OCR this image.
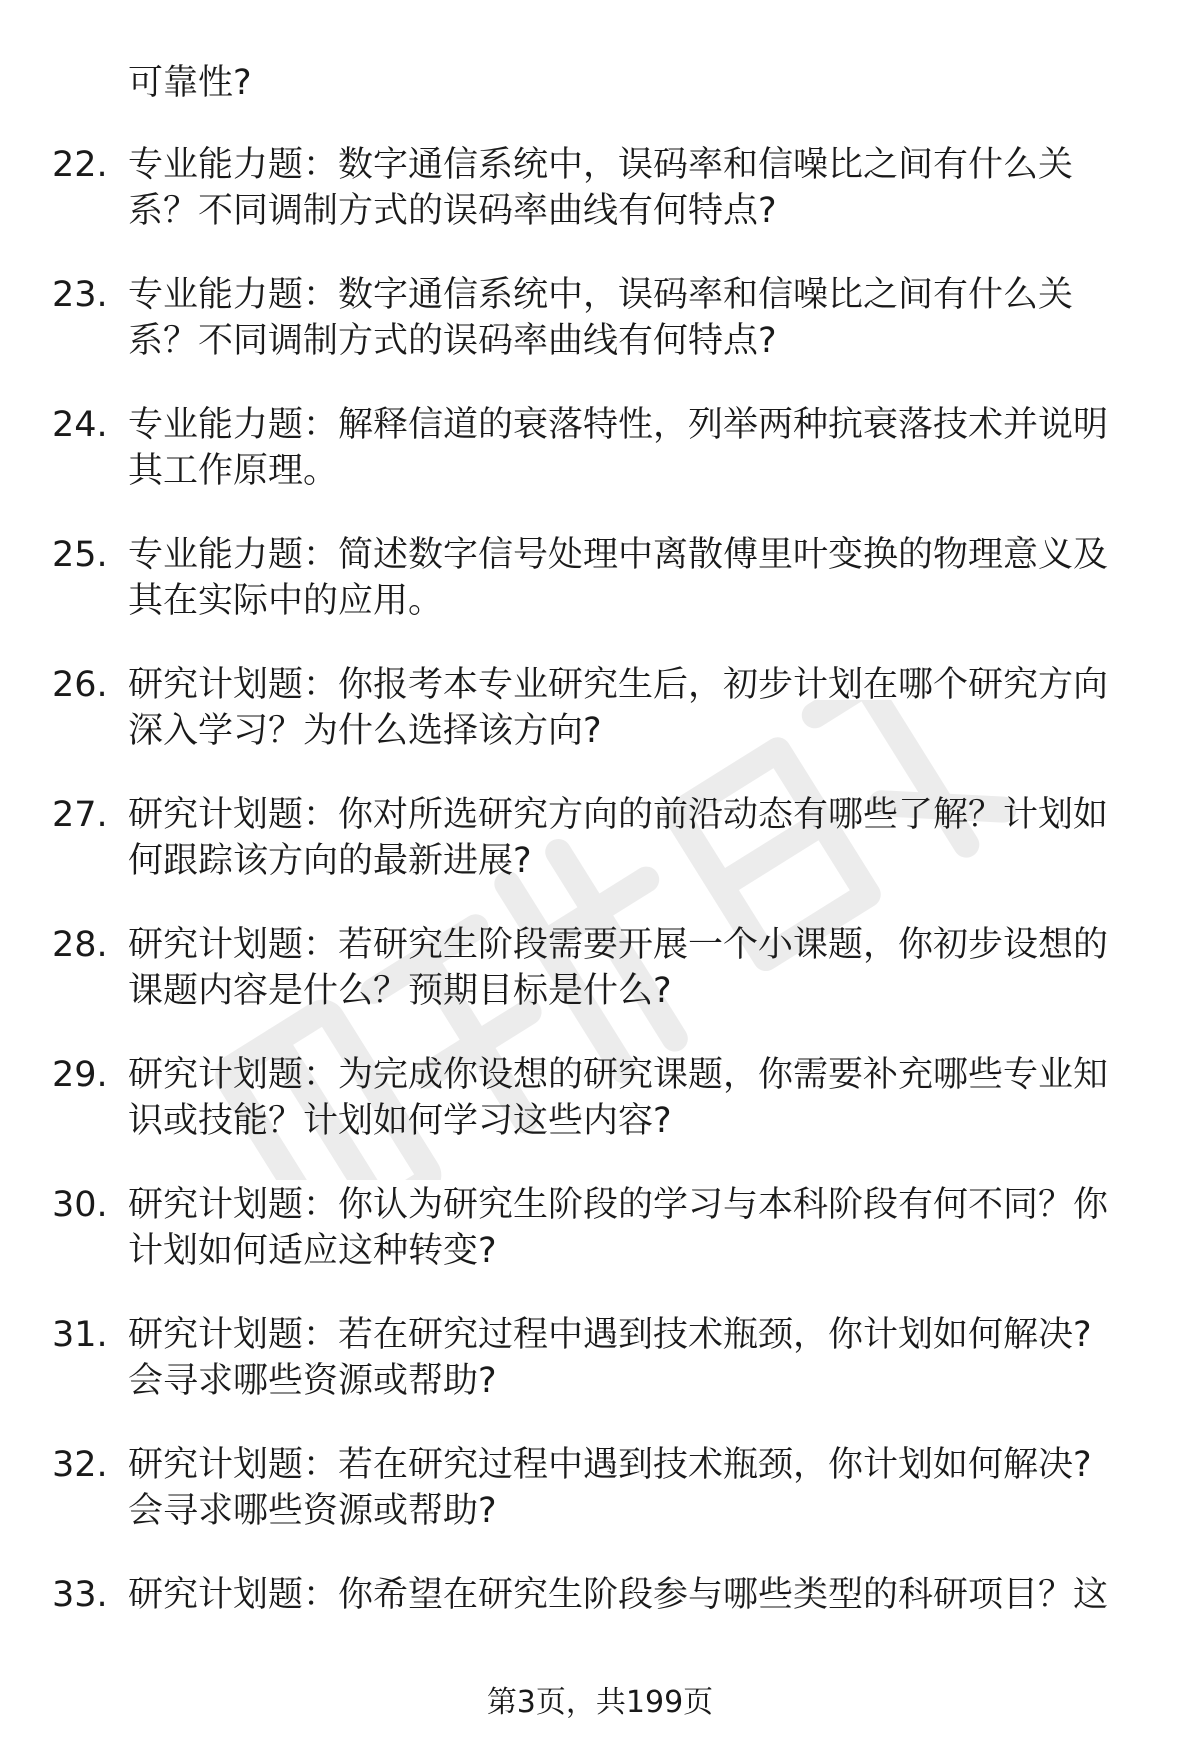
可靠性?
22. 专业能力题：数字通信系统中，误码率和信噪比之间有什么关
系？不同调制方式的误码率曲线有何特点?
23. 专业能力题：数字通信系统中，误码率和信噪比之间有什么关
系？不同调制方式的误码率曲线有何特点?
24. 专业能力题：解释信道的衰落特性，列举两种抗衰落技术并说明
其工作原理。
25. 专业能力题：简述数字信号处理中离散傅里叶变换的物理意义及
其在实际中的应用。
26. 研究计划题：你报考本专业研究生后，初步计划在哪个研究方向
深入学习？为什么选择该方向?
27. 研究计划题：你对所选研究方向的前沿动态有哪些了解？计划如
何跟踪该方向的最新进展?
28. 研究计划题：若研究生阶段需要开展一个小课题，你初步设想的
课题内容是什么？预期目标是什么?
29. 研究计划题：为完成你设想的研究课题，你需要补充哪些专业知
识或技能？计划如何学习这些内容?
30. 研究计划题：你认为研究生阶段的学习与本科阶段有何不同？你
计划如何适应这种转变?
31. 研究计划题：若在研究过程中遇到技术瓶颈，你计划如何解决?
会寻求哪些资源或帮助?
32. 研究计划题：若在研究过程中遇到技术瓶颈，你计划如何解决?
会寻求哪些资源或帮助?
33. 研究计划题：你希望在研究生阶段参与哪些类型的科研项目？这
第3页，共199页
